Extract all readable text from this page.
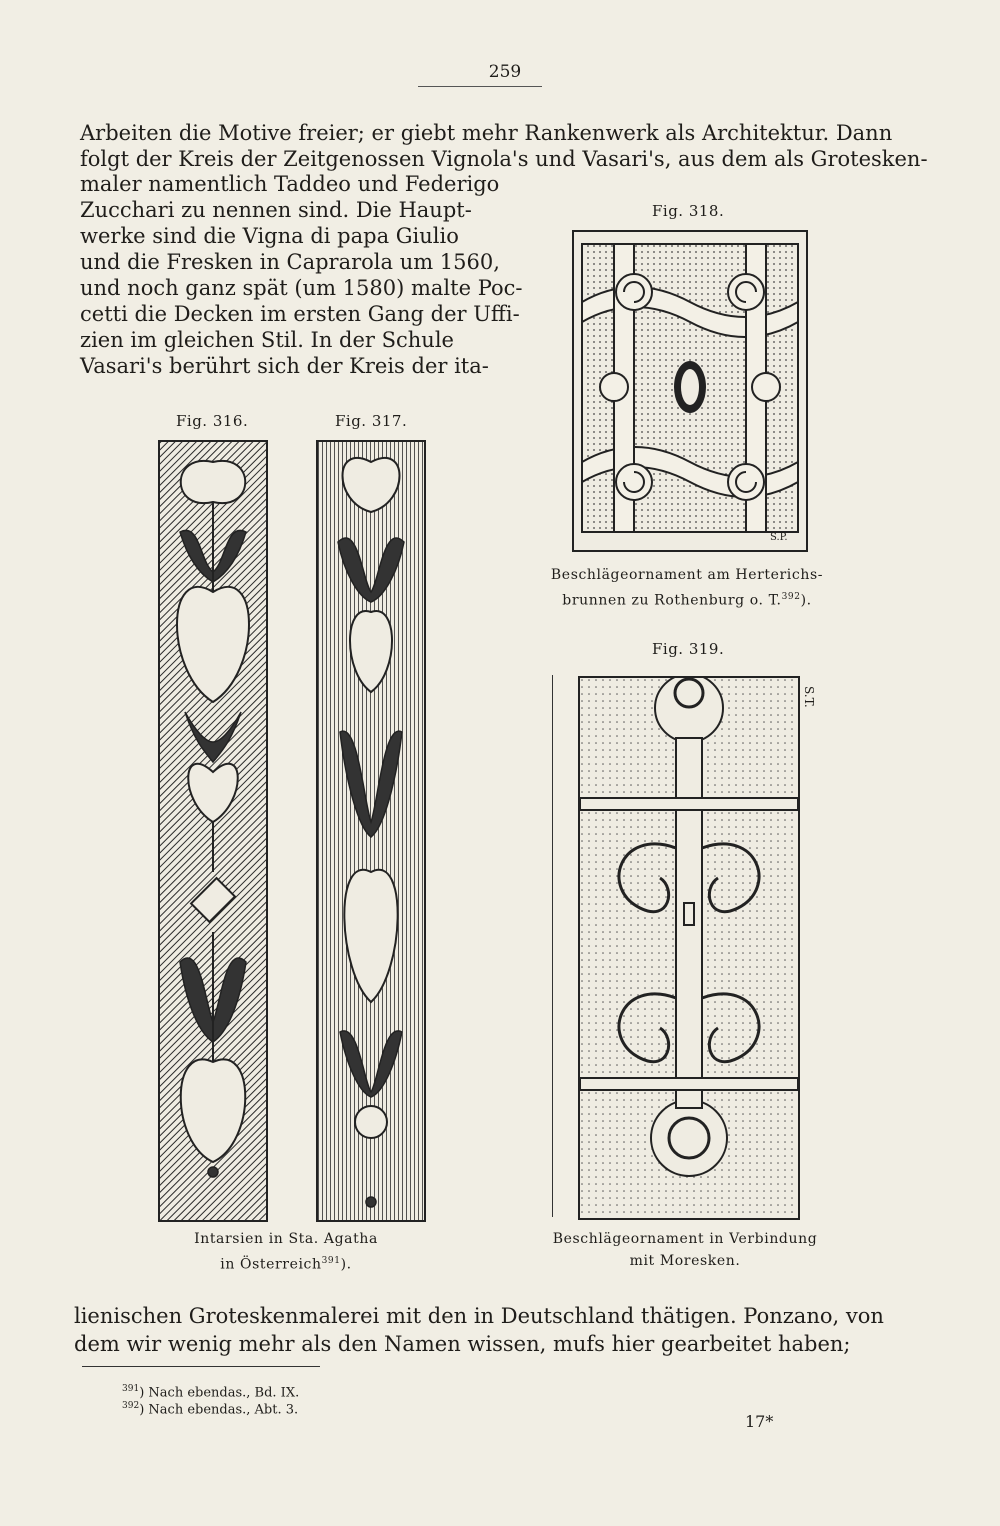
259
Arbeiten die Motive freier; er giebt mehr Rankenwerk als Architektur. Dann
folgt der Kreis der Zeitgenossen Vignola's und Vasari's, aus dem als Grotesken-
maler namentlich Taddeo und Federigo
Zucchari zu nennen sind. Die Haupt-
werke sind die Vigna di papa Giulio
und die Fresken in Caprarola um 1560,
und noch ganz spät (um 1580) malte Poc-
cetti die Decken im ersten Gang der Uffi-
zien im gleichen Stil. In der Schule
Vasari's berührt sich der Kreis der ita-
Fig. 318.
S.P.
Beschlägeornament am Herterichs-
brunnen zu Rothenburg o. T.$^{392}$).
Fig. 316.	Fig. 317.
Fig. 319.
S.T.
Intarsien in Sta. Agatha
in Österreich$^{391}$).
Beschlägeornament in Verbindung
mit Moresken.
lienischen Groteskenmalerei mit den in Deutschland thätigen. Ponzano, von
dem wir wenig mehr als den Namen wissen, mufs hier gearbeitet haben;
$^{391}$) Nach ebendas., Bd. IX.
$^{392}$) Nach ebendas., Abt. 3.
17*
